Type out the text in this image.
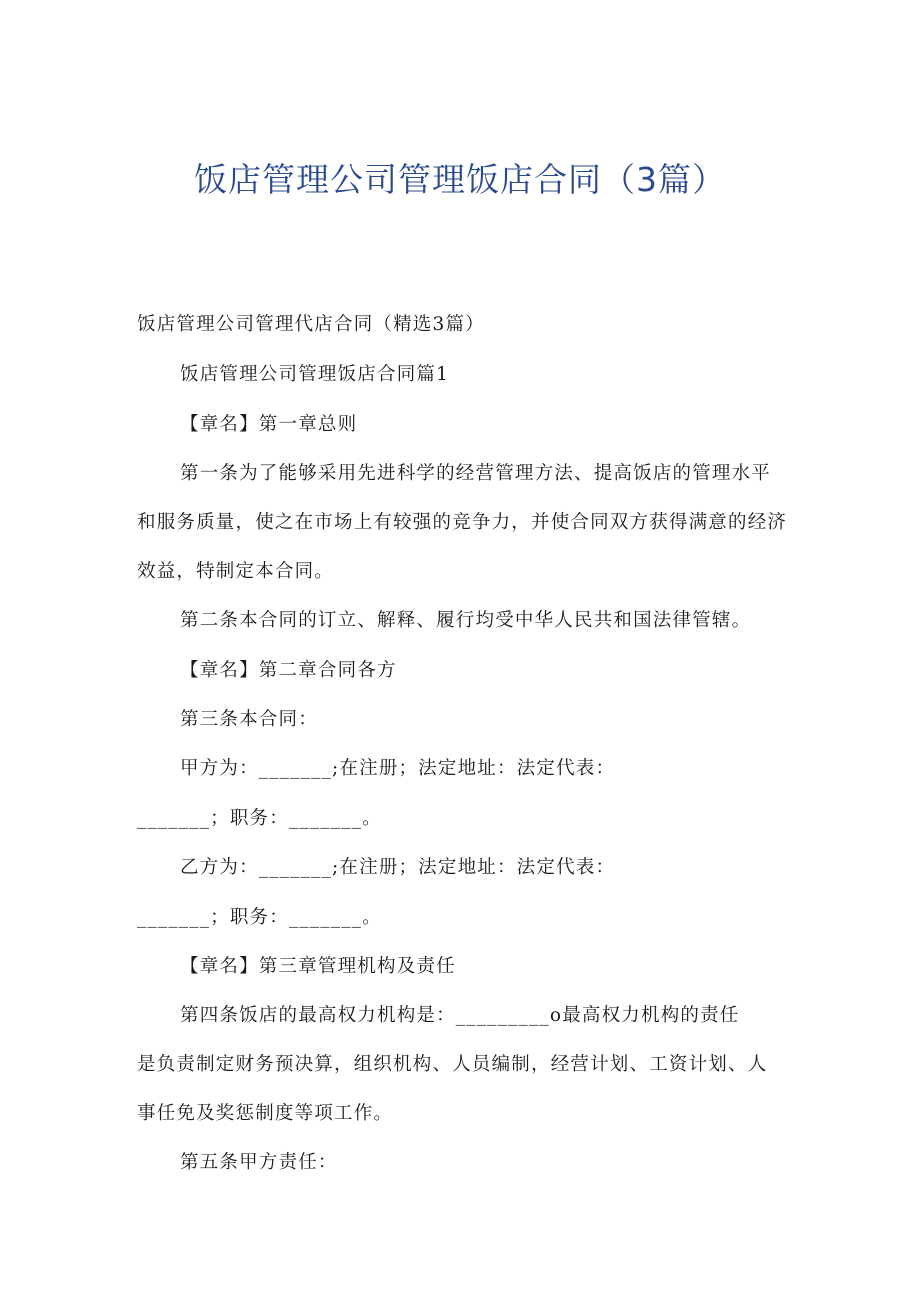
饭店管理公司管理饭店合同（3篇）
饭店管理公司管理代店合同（精选3篇）
饭店管理公司管理饭店合同篇1
【章名】第一章总则
第一条为了能够采用先进科学的经营管理方法、提高饭店的管理水平
和服务质量，使之在市场上有较强的竞争力，并使合同双方获得满意的经济
效益，特制定本合同。
第二条本合同的订立、解释、履行均受中华人民共和国法律管辖。
【章名】第二章合同各方
第三条本合同：
甲方为：_______;在注册；法定地址：法定代表：
_______；职务：_______。
乙方为：_______;在注册；法定地址：法定代表：
_______；职务：_______。
【章名】第三章管理机构及责任
第四条饭店的最高权力机构是：_________o最高权力机构的责任
是负责制定财务预决算，组织机构、人员编制，经营计划、工资计划、人
事任免及奖惩制度等项工作。
第五条甲方责任：
